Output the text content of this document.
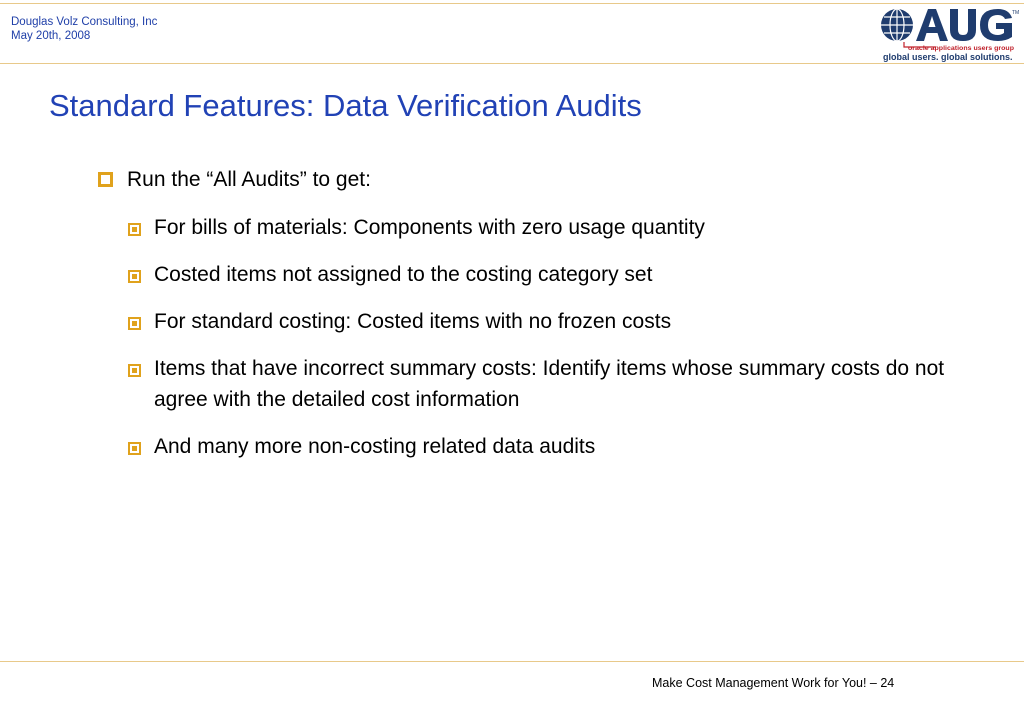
Douglas Volz Consulting, Inc
May 20th, 2008
TM
oracle applications users group
global users. global solutions.
Standard Features: Data Verification Audits
Run the “All Audits” to get:
For bills of materials: Components with zero usage quantity
Costed items not assigned to the costing category set
For standard costing: Costed items with no frozen costs
Items that have incorrect summary costs: Identify items whose summary costs do not agree with the detailed cost information
And many more non-costing related data audits
Make Cost Management Work for You! – 24
